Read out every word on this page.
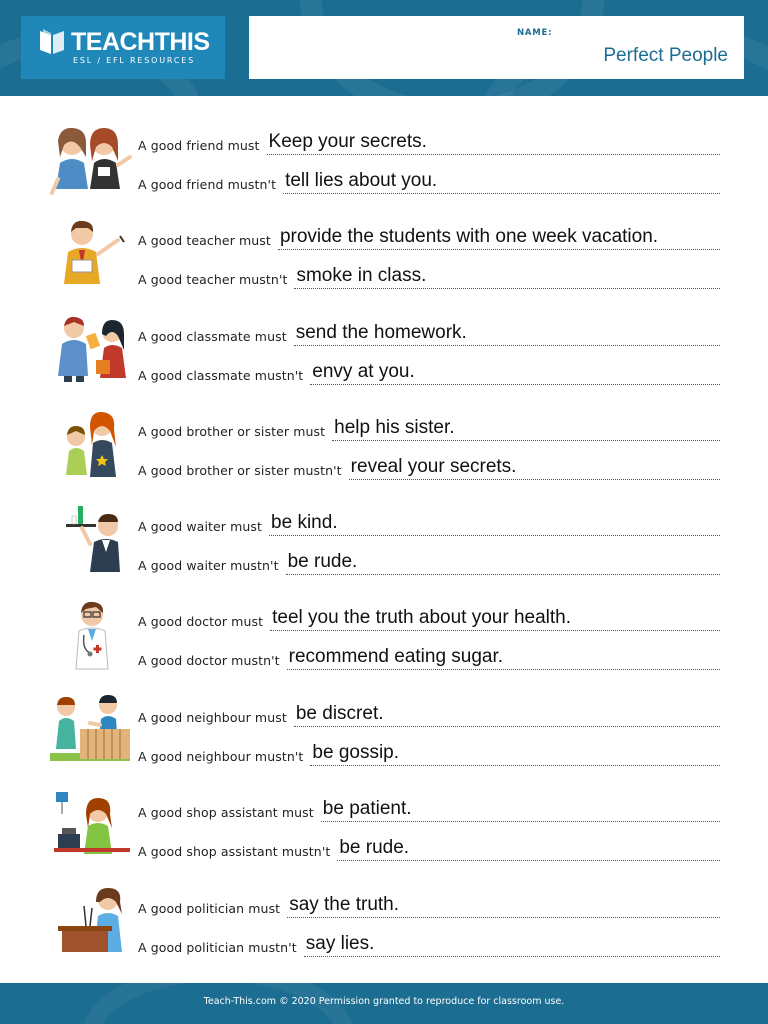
TEACHTHIS
ESL / EFL RESOURCES
NAME:
Perfect People
A good friend must Keep your secrets.
A good friend mustn't tell lies about you.
A good teacher must provide the students with one week vacation.
A good teacher mustn't smoke in class.
A good classmate must send the homework.
A good classmate mustn't envy at you.
A good brother or sister must help his sister.
A good brother or sister mustn't reveal your secrets.
A good waiter must be kind.
A good waiter mustn't be rude.
A good doctor must teel you the truth about your health.
A good doctor mustn't recommend eating sugar.
A good neighbour must be discret.
A good neighbour mustn't be gossip.
A good shop assistant must be patient.
A good shop assistant mustn't be rude.
A good politician must say the truth.
A good politician mustn't say lies.
Teach-This.com © 2020 Permission granted to reproduce for classroom use.
